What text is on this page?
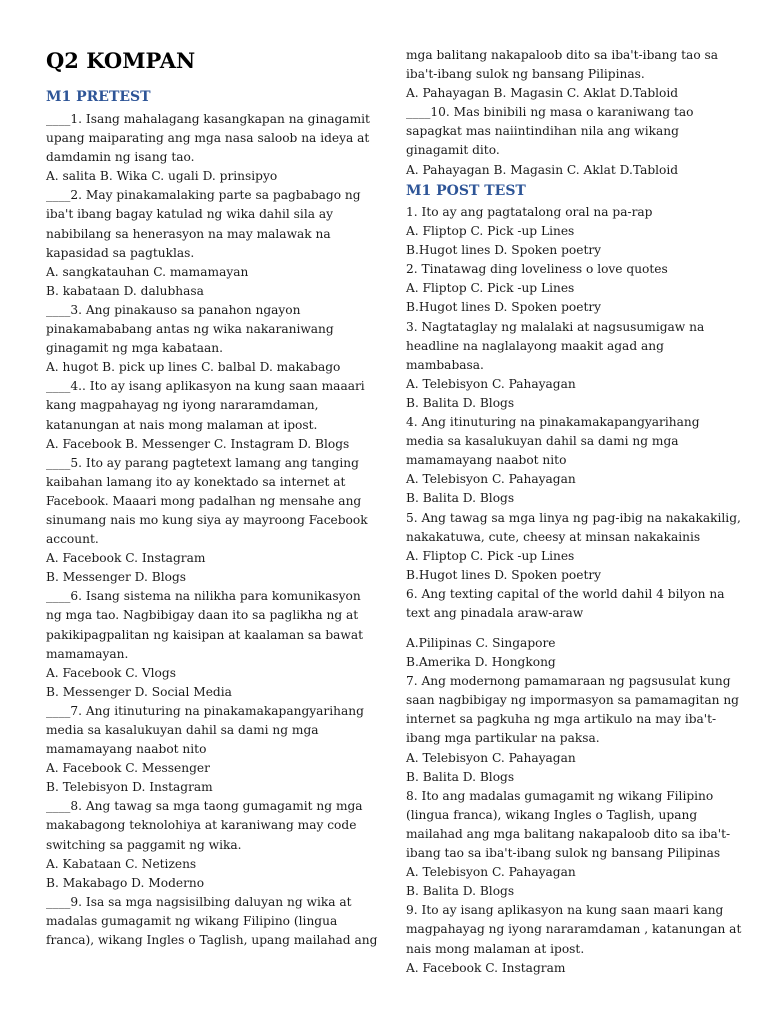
Q2 KOMPAN
M1 PRETEST
____1. Isang mahalagang kasangkapan na ginagamit
upang maiparating ang mga nasa saloob na ideya at
damdamin ng isang tao.
A. salita B. Wika C. ugali D. prinsipyo
____2. May pinakamalaking parte sa pagbabago ng
iba't ibang bagay katulad ng wika dahil sila ay
nabibilang sa henerasyon na may malawak na
kapasidad sa pagtuklas.
A. sangkatauhan C. mamamayan
B. kabataan D. dalubhasa
____3. Ang pinakauso sa panahon ngayon
pinakamababang antas ng wika nakaraniwang
ginagamit ng mga kabataan.
A. hugot B. pick up lines C. balbal D. makabago
____4.. Ito ay isang aplikasyon na kung saan maaari
kang magpahayag ng iyong nararamdaman,
katanungan at nais mong malaman at ipost.
A. Facebook B. Messenger C. Instagram D. Blogs
____5. Ito ay parang pagtetext lamang ang tanging
kaibahan lamang ito ay konektado sa internet at
Facebook. Maaari mong padalhan ng mensahe ang
sinumang nais mo kung siya ay mayroong Facebook
account.
A. Facebook C. Instagram
B. Messenger D. Blogs
____6. Isang sistema na nilikha para komunikasyon
ng mga tao. Nagbibigay daan ito sa paglikha ng at
pakikipagpalitan ng kaisipan at kaalaman sa bawat
mamamayan.
A. Facebook C. Vlogs
B. Messenger D. Social Media
____7. Ang itinuturing na pinakamakapangyarihang
media sa kasalukuyan dahil sa dami ng mga
mamamayang naabot nito
A. Facebook C. Messenger
B. Telebisyon D. Instagram
____8. Ang tawag sa mga taong gumagamit ng mga
makabagong teknolohiya at karaniwang may code
switching sa paggamit ng wika.
A. Kabataan C. Netizens
B. Makabago D. Moderno
____9. Isa sa mga nagsisilbing daluyan ng wika at
madalas gumagamit ng wikang Filipino (lingua
franca), wikang Ingles o Taglish, upang mailahad ang
mga balitang nakapaloob dito sa iba't-ibang tao sa
iba't-ibang sulok ng bansang Pilipinas.
A. Pahayagan B. Magasin C. Aklat D.Tabloid
____10. Mas binibili ng masa o karaniwang tao
sapagkat mas naiintindihan nila ang wikang
ginagamit dito.
A. Pahayagan B. Magasin C. Aklat D.Tabloid
M1 POST TEST
1. Ito ay ang pagtatalong oral na pa-rap
A. Fliptop C. Pick -up Lines
B.Hugot lines D. Spoken poetry
2. Tinatawag ding loveliness o love quotes
A. Fliptop C. Pick -up Lines
B.Hugot lines D. Spoken poetry
3. Nagtataglay ng malalaki at nagsusumigaw na
headline na naglalayong maakit agad ang
mambabasa.
A. Telebisyon C. Pahayagan
B. Balita D. Blogs
4. Ang itinuturing na pinakamakapangyarihang
media sa kasalukuyan dahil sa dami ng mga
mamamayang naabot nito
A. Telebisyon C. Pahayagan
B. Balita D. Blogs
5. Ang tawag sa mga linya ng pag-ibig na nakakakilig,
nakakatuwa, cute, cheesy at minsan nakakainis
A. Fliptop C. Pick -up Lines
B.Hugot lines D. Spoken poetry
6. Ang texting capital of the world dahil 4 bilyon na
text ang pinadala araw-araw
A.Pilipinas C. Singapore
B.Amerika D. Hongkong
7. Ang modernong pamamaraan ng pagsusulat kung
saan nagbibigay ng impormasyon sa pamamagitan ng
internet sa pagkuha ng mga artikulo na may iba't-
ibang mga partikular na paksa.
A. Telebisyon C. Pahayagan
B. Balita D. Blogs
8. Ito ang madalas gumagamit ng wikang Filipino
(lingua franca), wikang Ingles o Taglish, upang
mailahad ang mga balitang nakapaloob dito sa iba't-
ibang tao sa iba't-ibang sulok ng bansang Pilipinas
A. Telebisyon C. Pahayagan
B. Balita D. Blogs
9. Ito ay isang aplikasyon na kung saan maari kang
magpahayag ng iyong nararamdaman , katanungan at
nais mong malaman at ipost.
A. Facebook C. Instagram
